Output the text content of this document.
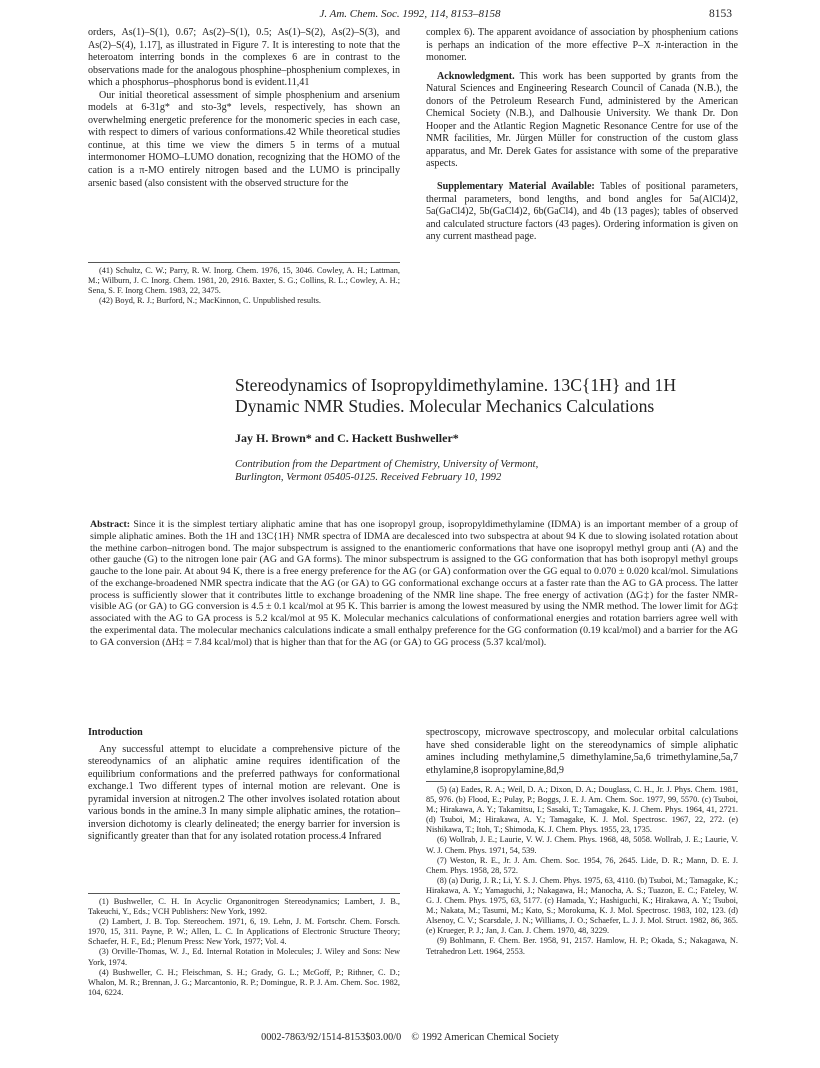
J. Am. Chem. Soc. 1992, 114, 8153–8158	8153

orders, As(1)–S(1), 0.67; As(2)–S(1), 0.5; As(1)–S(2), As(2)–S(3), and As(2)–S(4), 1.17], as illustrated in Figure 7. It is interesting to note that the heteroatom interring bonds in the complexes 6 are in contrast to the observations made for the analogous phosphine–phosphenium complexes, in which a phosphorus–phosphorus bond is evident.11,41

Our initial theoretical assessment of simple phosphenium and arsenium models at 6-31g* and sto-3g* levels, respectively, has shown an overwhelming energetic preference for the monomeric species in each case, with respect to dimers of various conformations.42 While theoretical studies continue, at this time we view the dimers 5 in terms of a mutual intermonomer HOMO–LUMO donation, recognizing that the HOMO of the cation is a π-MO entirely nitrogen based and the LUMO is principally arsenic based (also consistent with the observed structure for the

(41) Schultz, C. W.; Parry, R. W. Inorg. Chem. 1976, 15, 3046. Cowley, A. H.; Lattman, M.; Wilburn, J. C. Inorg. Chem. 1981, 20, 2916. Baxter, S. G.; Collins, R. L.; Cowley, A. H.; Sena, S. F. Inorg Chem. 1983, 22, 3475.

(42) Boyd, R. J.; Burford, N.; MacKinnon, C. Unpublished results.

complex 6). The apparent avoidance of association by phosphenium cations is perhaps an indication of the more effective P–X π-interaction in the monomer.

Acknowledgment. This work has been supported by grants from the Natural Sciences and Engineering Research Council of Canada (N.B.), the donors of the Petroleum Research Fund, administered by the American Chemical Society (N.B.), and Dalhousie University. We thank Dr. Don Hooper and the Atlantic Region Magnetic Resonance Centre for use of the NMR facilities, Mr. Jürgen Müller for construction of the custom glass apparatus, and Mr. Derek Gates for assistance with some of the preparative aspects.

Supplementary Material Available: Tables of positional parameters, thermal parameters, bond lengths, and bond angles for 5a(AlCl4)2, 5a(GaCl4)2, 5b(GaCl4)2, 6b(GaCl4), and 4b (13 pages); tables of observed and calculated structure factors (43 pages). Ordering information is given on any current masthead page.

Stereodynamics of Isopropyldimethylamine. 13C{1H} and 1H
Dynamic NMR Studies. Molecular Mechanics Calculations
Jay H. Brown* and C. Hackett Bushweller*
Contribution from the Department of Chemistry, University of Vermont,
Burlington, Vermont 05405-0125. Received February 10, 1992
Abstract: Since it is the simplest tertiary aliphatic amine that has one isopropyl group, isopropyldimethylamine (IDMA) is an important member of a group of simple aliphatic amines. Both the 1H and 13C{1H} NMR spectra of IDMA are decalesced into two subspectra at about 94 K due to slowing isolated rotation about the methine carbon–nitrogen bond. The major subspectrum is assigned to the enantiomeric conformations that have one isopropyl methyl group anti (A) and the other gauche (G) to the nitrogen lone pair (AG and GA forms). The minor subspectrum is assigned to the GG conformation that has both isopropyl methyl groups gauche to the lone pair. At about 94 K, there is a free energy preference for the AG (or GA) conformation over the GG equal to 0.070 ± 0.020 kcal/mol. Simulations of the exchange-broadened NMR spectra indicate that the AG (or GA) to GG conformational exchange occurs at a faster rate than the AG to GA process. The latter process is sufficiently slower that it contributes little to exchange broadening of the NMR line shape. The free energy of activation (ΔG‡) for the faster NMR-visible AG (or GA) to GG conversion is 4.5 ± 0.1 kcal/mol at 95 K. This barrier is among the lowest measured by using the NMR method. The lower limit for ΔG‡ associated with the AG to GA process is 5.2 kcal/mol at 95 K. Molecular mechanics calculations of conformational energies and rotation barriers agree well with the experimental data. The molecular mechanics calculations indicate a small enthalpy preference for the GG conformation (0.19 kcal/mol) and a barrier for the AG to GA conversion (ΔH‡ = 7.84 kcal/mol) that is higher than that for the AG (or GA) to GG process (5.37 kcal/mol).

Introduction

Any successful attempt to elucidate a comprehensive picture of the stereodynamics of an aliphatic amine requires identification of the equilibrium conformations and the preferred pathways for conformational exchange.1 Two different types of internal motion are relevant. One is pyramidal inversion at nitrogen.2 The other involves isolated rotation about various bonds in the amine.3 In many simple aliphatic amines, the rotation–inversion dichotomy is clearly delineated; the energy barrier for inversion is significantly greater than that for any isolated rotation process.4 Infrared

(1) Bushweller, C. H. In Acyclic Organonitrogen Stereodynamics; Lambert, J. B., Takeuchi, Y., Eds.; VCH Publishers: New York, 1992.

(2) Lambert, J. B. Top. Stereochem. 1971, 6, 19. Lehn, J. M. Fortschr. Chem. Forsch. 1970, 15, 311. Payne, P. W.; Allen, L. C. In Applications of Electronic Structure Theory; Schaefer, H. F., Ed.; Plenum Press: New York, 1977; Vol. 4.

(3) Orville-Thomas, W. J., Ed. Internal Rotation in Molecules; J. Wiley and Sons: New York, 1974.

(4) Bushweller, C. H.; Fleischman, S. H.; Grady, G. L.; McGoff, P.; Rithner, C. D.; Whalon, M. R.; Brennan, J. G.; Marcantonio, R. P.; Domingue, R. P. J. Am. Chem. Soc. 1982, 104, 6224.

spectroscopy, microwave spectroscopy, and molecular orbital calculations have shed considerable light on the stereodynamics of simple aliphatic amines including methylamine,5 dimethylamine,5a,6 trimethylamine,5a,7 ethylamine,8 isopropylamine,8d,9

(5) (a) Eades, R. A.; Weil, D. A.; Dixon, D. A.; Douglass, C. H., Jr. J. Phys. Chem. 1981, 85, 976. (b) Flood, E.; Pulay, P.; Boggs, J. E. J. Am. Chem. Soc. 1977, 99, 5570. (c) Tsuboi, M.; Hirakawa, A. Y.; Takamitsu, I.; Sasaki, T.; Tamagake, K. J. Chem. Phys. 1964, 41, 2721. (d) Tsuboi, M.; Hirakawa, A. Y.; Tamagake, K. J. Mol. Spectrosc. 1967, 22, 272. (e) Nishikawa, T.; Itoh, T.; Shimoda, K. J. Chem. Phys. 1955, 23, 1735.

(6) Wollrab, J. E.; Laurie, V. W. J. Chem. Phys. 1968, 48, 5058. Wollrab, J. E.; Laurie, V. W. J. Chem. Phys. 1971, 54, 539.

(7) Weston, R. E., Jr. J. Am. Chem. Soc. 1954, 76, 2645. Lide, D. R.; Mann, D. E. J. Chem. Phys. 1958, 28, 572.

(8) (a) Durig, J. R.; Li, Y. S. J. Chem. Phys. 1975, 63, 4110. (b) Tsuboi, M.; Tamagake, K.; Hirakawa, A. Y.; Yamaguchi, J.; Nakagawa, H.; Manocha, A. S.; Tuazon, E. C.; Fateley, W. G. J. Chem. Phys. 1975, 63, 5177. (c) Hamada, Y.; Hashiguchi, K.; Hirakawa, A. Y.; Tsuboi, M.; Nakata, M.; Tasumi, M.; Kato, S.; Morokuma, K. J. Mol. Spectrosc. 1983, 102, 123. (d) Alsenoy, C. V.; Scarsdale, J. N.; Williams, J. O.; Schaefer, L. J. J. Mol. Struct. 1982, 86, 365. (e) Krueger, P. J.; Jan, J. Can. J. Chem. 1970, 48, 3229.

(9) Bohlmann, F. Chem. Ber. 1958, 91, 2157. Hamlow, H. P.; Okada, S.; Nakagawa, N. Tetrahedron Lett. 1964, 2553.

0002-7863/92/1514-8153$03.00/0 © 1992 American Chemical Society
